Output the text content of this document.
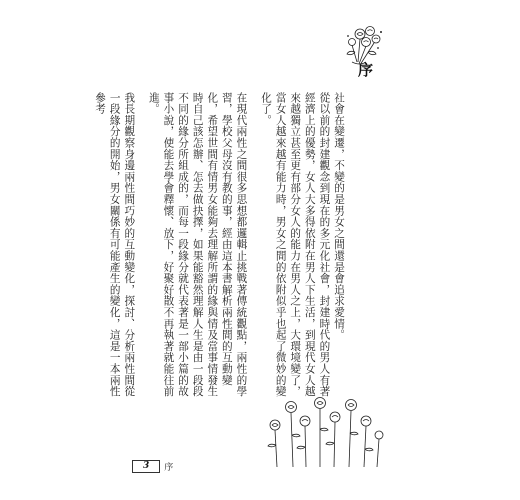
序

社會在變遷，不變的是男女之間還是會追求愛情。

從以前的封建觀念到現在的多元化社會，封建時代的男人有著經濟上的優勢，女人大多得依附在男人下生活，到現代女人越來越獨立甚至更有部分女人的能力在男人之上，大環境變了，當女人越來越有能力時，男女之間的依附似乎也起了微妙的變化了。

在現代兩性之間很多思想都邏輯止挑戰著傳統觀點，兩性的學習，學校父母沒有教的事，經由這本書解析兩性間的互動變化，希望世間有情男女能夠去理解所謂的緣與情及當事情發生時自己該怎辦、怎去做抉擇，如果能豁然理解人生是由一段段不同的緣分所組成的，而每一段緣分就代表著是一部小篇的故事小說，使能去學會釋懷、放下，好聚好散不再執著就能往前進。

我長期觀察身邊兩性間巧妙的互動變化，探討、分析兩性間從一段緣分的開始，男女關係有可能產生的變化，這是一本兩性參考

3	序
